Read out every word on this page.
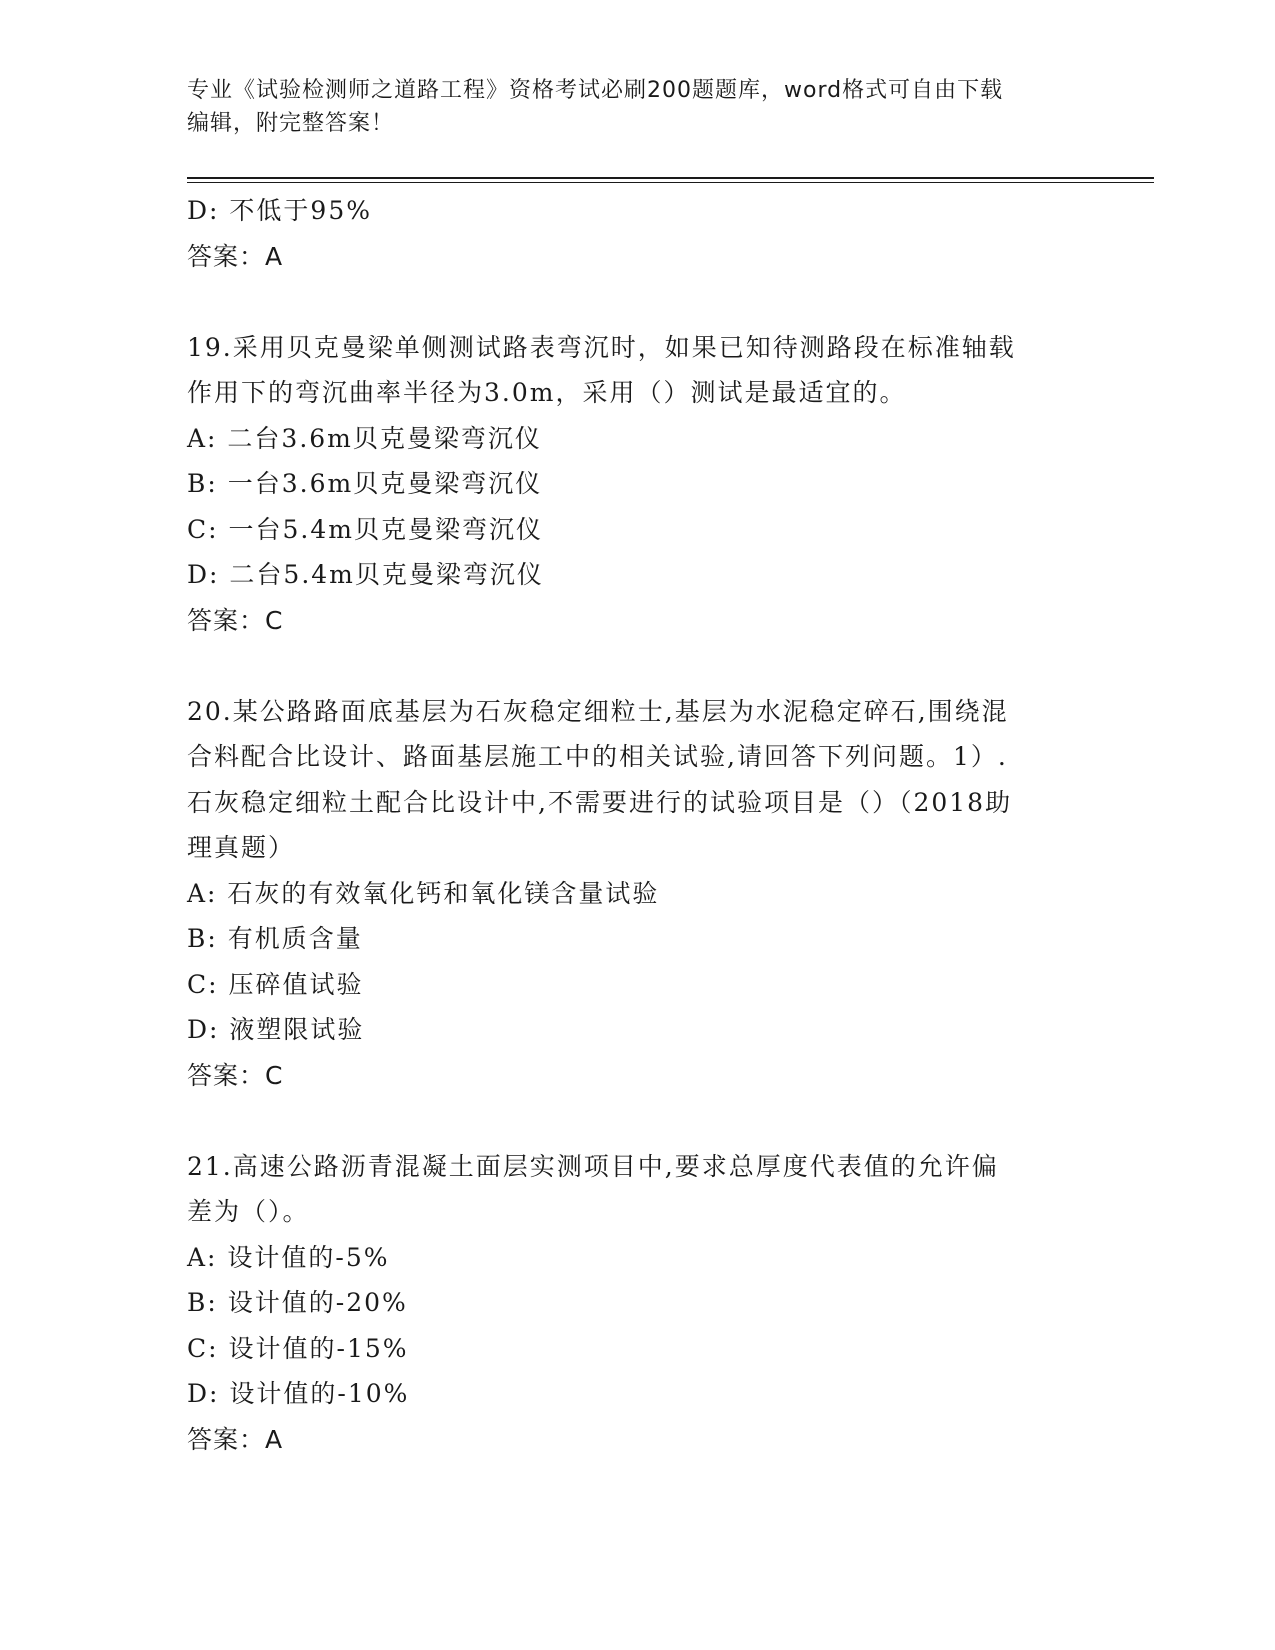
专业《试验检测师之道路工程》资格考试必刷200题题库，word格式可自由下载
编辑，附完整答案！
D: 不低于95%
答案：A
19.采用贝克曼梁单侧测试路表弯沉时，如果已知待测路段在标准轴载
作用下的弯沉曲率半径为3.0m，采用（）测试是最适宜的。
A: 二台3.6m贝克曼梁弯沉仪
B: 一台3.6m贝克曼梁弯沉仪
C: 一台5.4m贝克曼梁弯沉仪
D: 二台5.4m贝克曼梁弯沉仪
答案：C
20.某公路路面底基层为石灰稳定细粒士,基层为水泥稳定碎石,围绕混
合料配合比设计、路面基层施工中的相关试验,请回答下列问题。1）.
石灰稳定细粒土配合比设计中,不需要进行的试验项目是（）（2018助
理真题）
A: 石灰的有效氧化钙和氧化镁含量试验
B: 有机质含量
C: 压碎值试验
D: 液塑限试验
答案：C
21.高速公路沥青混凝土面层实测项目中,要求总厚度代表值的允许偏
差为（）。
A: 设计值的-5%
B: 设计值的-20%
C: 设计值的-15%
D: 设计值的-10%
答案：A
